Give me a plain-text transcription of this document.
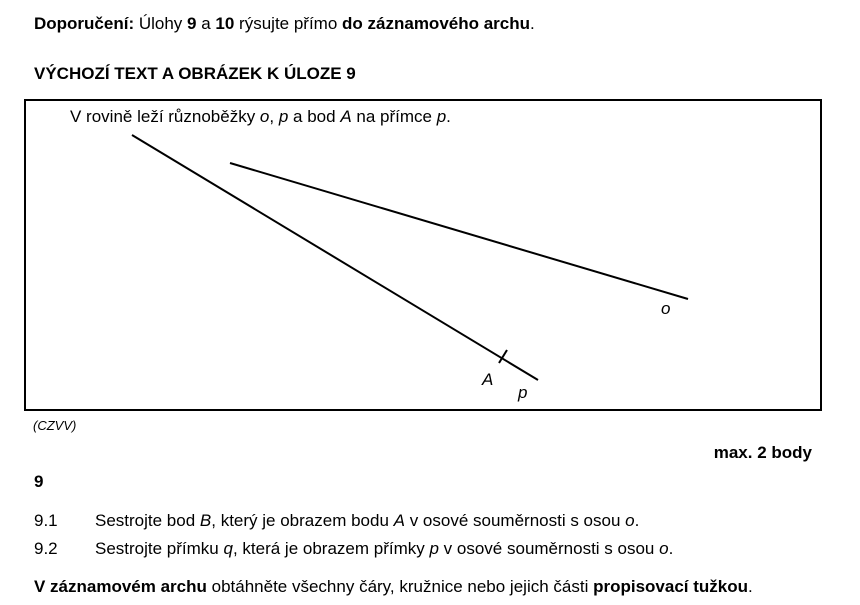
Doporučení: Úlohy 9 a 10 rýsujte přímo do záznamového archu.
VÝCHOZÍ TEXT A OBRÁZEK K ÚLOZE 9
V rovině leží různoběžky o, p a bod A na přímce p.
o
A
p
(CZVV)
max. 2 body
9
9.1 Sestrojte bod B, který je obrazem bodu A v osové souměrnosti s osou o.
9.2 Sestrojte přímku q, která je obrazem přímky p v osové souměrnosti s osou o.
V záznamovém archu obtáhněte všechny čáry, kružnice nebo jejich části propisovací tužkou.
